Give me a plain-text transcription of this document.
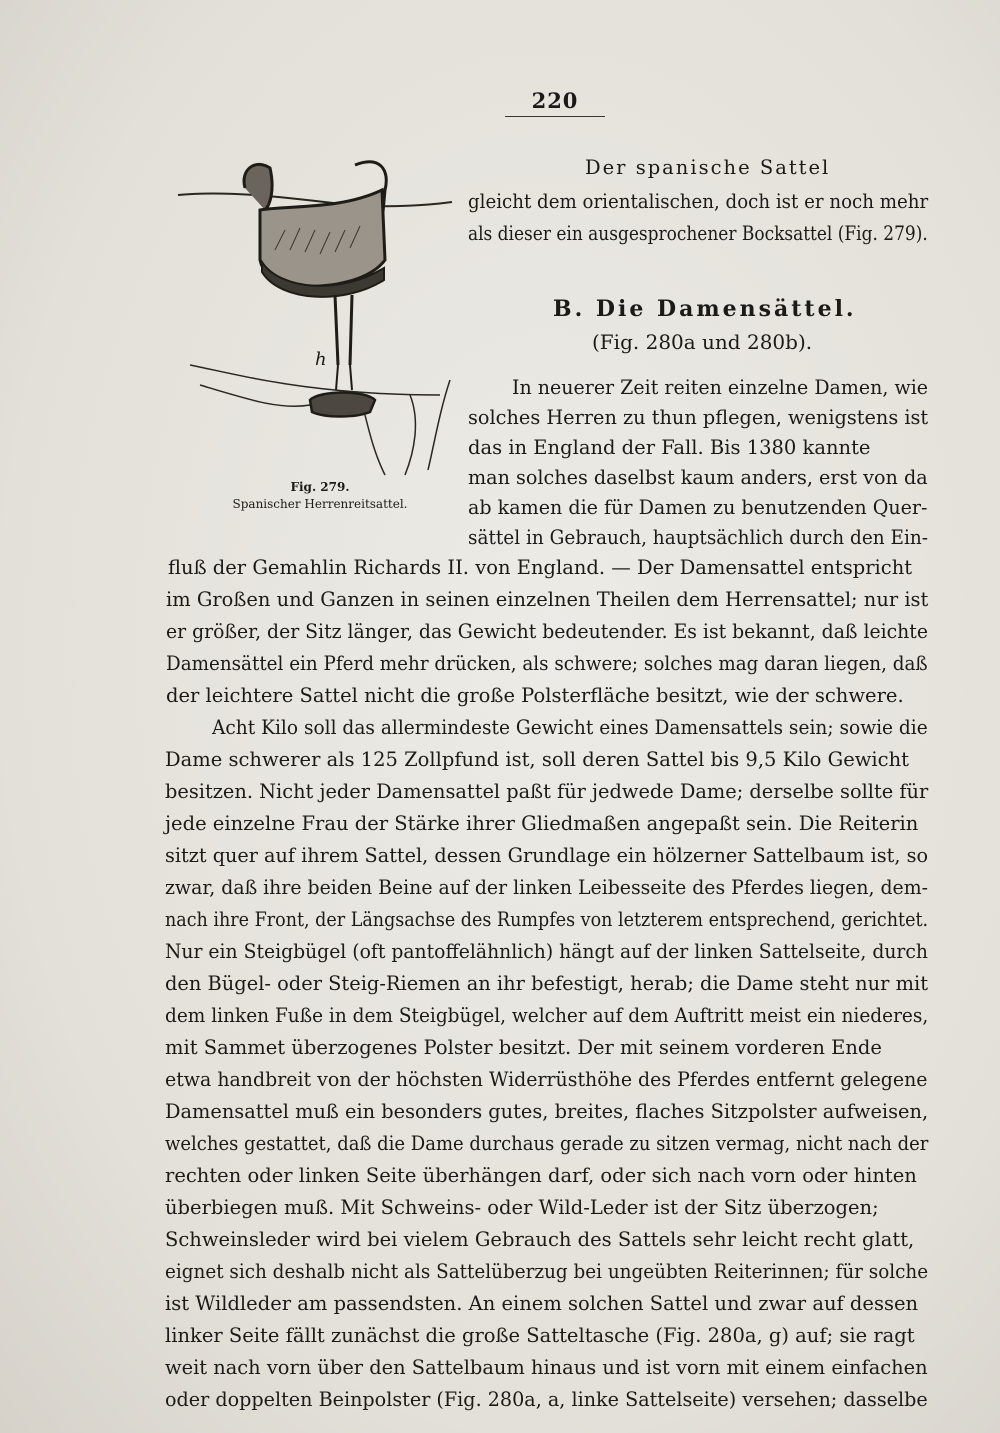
220
h
Fig. 279.
Spanischer Herrenreitsattel.
Der spanische Sattel
gleicht dem orientalischen, doch ist er noch mehr
als dieser ein ausgesprochener Bocksattel (Fig. 279).
B. Die Damensättel.
(Fig. 280a und 280b).
In neuerer Zeit reiten einzelne Damen, wie
solches Herren zu thun pflegen, wenigstens ist
das in England der Fall. Bis 1380 kannte
man solches daselbst kaum anders, erst von da
ab kamen die für Damen zu benutzenden Quer-
sättel in Gebrauch, hauptsächlich durch den Ein-
fluß der Gemahlin Richards II. von England. — Der Damensattel entspricht
im Großen und Ganzen in seinen einzelnen Theilen dem Herrensattel; nur ist
er größer, der Sitz länger, das Gewicht bedeutender. Es ist bekannt, daß leichte
Damensättel ein Pferd mehr drücken, als schwere; solches mag daran liegen, daß
der leichtere Sattel nicht die große Polsterfläche besitzt, wie der schwere.
Acht Kilo soll das allermindeste Gewicht eines Damensattels sein; sowie die
Dame schwerer als 125 Zollpfund ist, soll deren Sattel bis 9,5 Kilo Gewicht
besitzen. Nicht jeder Damensattel paßt für jedwede Dame; derselbe sollte für
jede einzelne Frau der Stärke ihrer Gliedmaßen angepaßt sein. Die Reiterin
sitzt quer auf ihrem Sattel, dessen Grundlage ein hölzerner Sattelbaum ist, so
zwar, daß ihre beiden Beine auf der linken Leibesseite des Pferdes liegen, dem-
nach ihre Front, der Längsachse des Rumpfes von letzterem entsprechend, gerichtet.
Nur ein Steigbügel (oft pantoffelähnlich) hängt auf der linken Sattelseite, durch
den Bügel- oder Steig-Riemen an ihr befestigt, herab; die Dame steht nur mit
dem linken Fuße in dem Steigbügel, welcher auf dem Auftritt meist ein niederes,
mit Sammet überzogenes Polster besitzt. Der mit seinem vorderen Ende
etwa handbreit von der höchsten Widerrüsthöhe des Pferdes entfernt gelegene
Damensattel muß ein besonders gutes, breites, flaches Sitzpolster aufweisen,
welches gestattet, daß die Dame durchaus gerade zu sitzen vermag, nicht nach der
rechten oder linken Seite überhängen darf, oder sich nach vorn oder hinten
überbiegen muß. Mit Schweins- oder Wild-Leder ist der Sitz überzogen;
Schweinsleder wird bei vielem Gebrauch des Sattels sehr leicht recht glatt,
eignet sich deshalb nicht als Sattelüberzug bei ungeübten Reiterinnen; für solche
ist Wildleder am passendsten. An einem solchen Sattel und zwar auf dessen
linker Seite fällt zunächst die große Satteltasche (Fig. 280a, g) auf; sie ragt
weit nach vorn über den Sattelbaum hinaus und ist vorn mit einem einfachen
oder doppelten Beinpolster (Fig. 280a, a, linke Sattelseite) versehen; dasselbe
